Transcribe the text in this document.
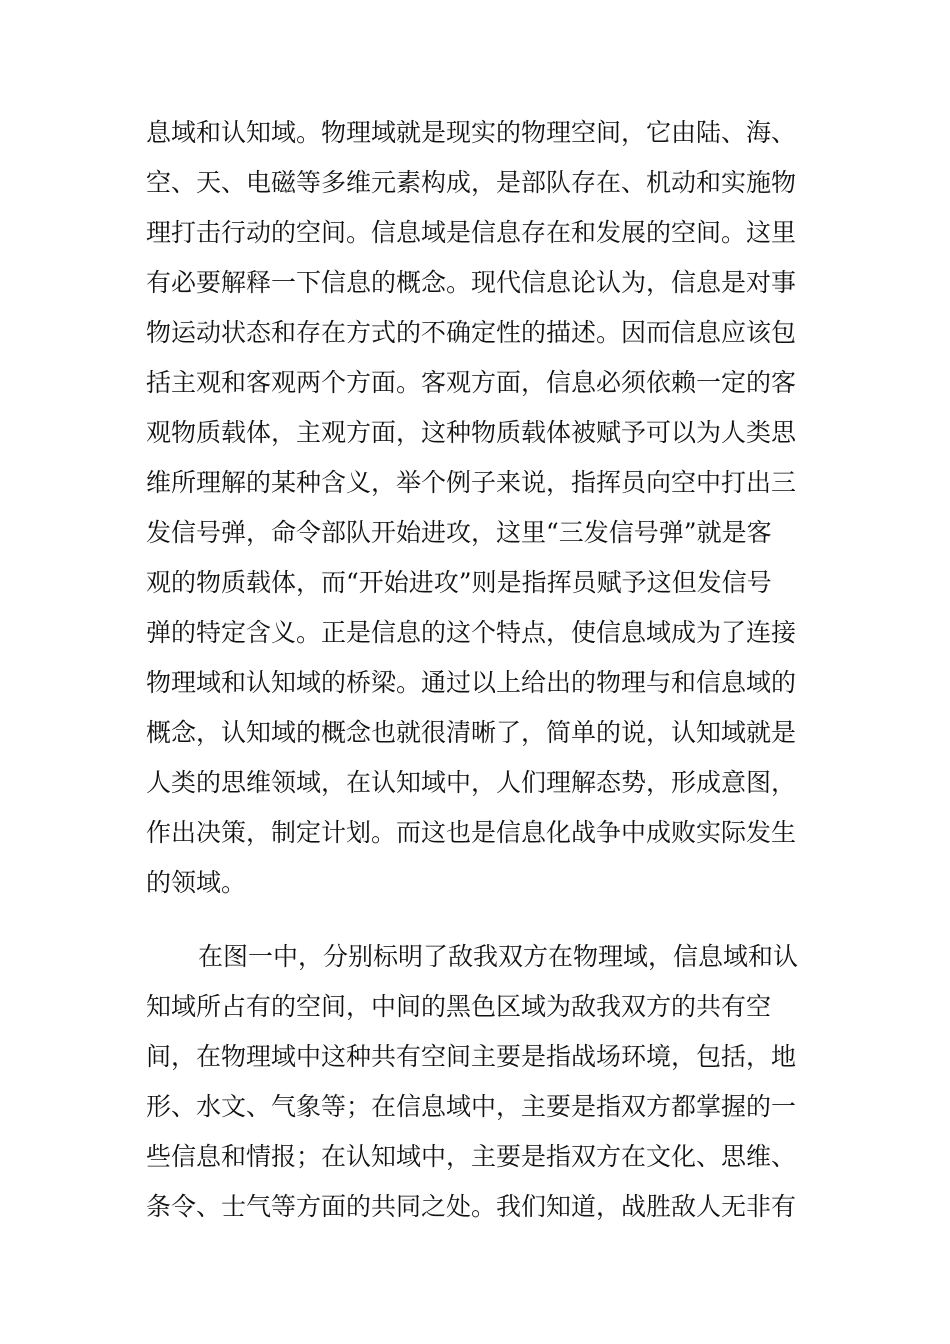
息域和认知域。物理域就是现实的物理空间，它由陆、海、
空、天、电磁等多维元素构成，是部队存在、机动和实施物
理打击行动的空间。信息域是信息存在和发展的空间。这里
有必要解释一下信息的概念。现代信息论认为，信息是对事
物运动状态和存在方式的不确定性的描述。因而信息应该包
括主观和客观两个方面。客观方面，信息必须依赖一定的客
观物质载体，主观方面，这种物质载体被赋予可以为人类思
维所理解的某种含义，举个例子来说，指挥员向空中打出三
发信号弹，命令部队开始进攻，这里“三发信号弹”就是客
观的物质载体，而“开始进攻”则是指挥员赋予这但发信号
弹的特定含义。正是信息的这个特点，使信息域成为了连接
物理域和认知域的桥梁。通过以上给出的物理与和信息域的
概念，认知域的概念也就很清晰了，简单的说，认知域就是
人类的思维领域，在认知域中，人们理解态势，形成意图，
作出决策，制定计划。而这也是信息化战争中成败实际发生
的领域。
在图一中，分别标明了敌我双方在物理域，信息域和认
知域所占有的空间，中间的黑色区域为敌我双方的共有空
间，在物理域中这种共有空间主要是指战场环境，包括，地
形、水文、气象等；在信息域中，主要是指双方都掌握的一
些信息和情报；在认知域中，主要是指双方在文化、思维、
条令、士气等方面的共同之处。我们知道，战胜敌人无非有
